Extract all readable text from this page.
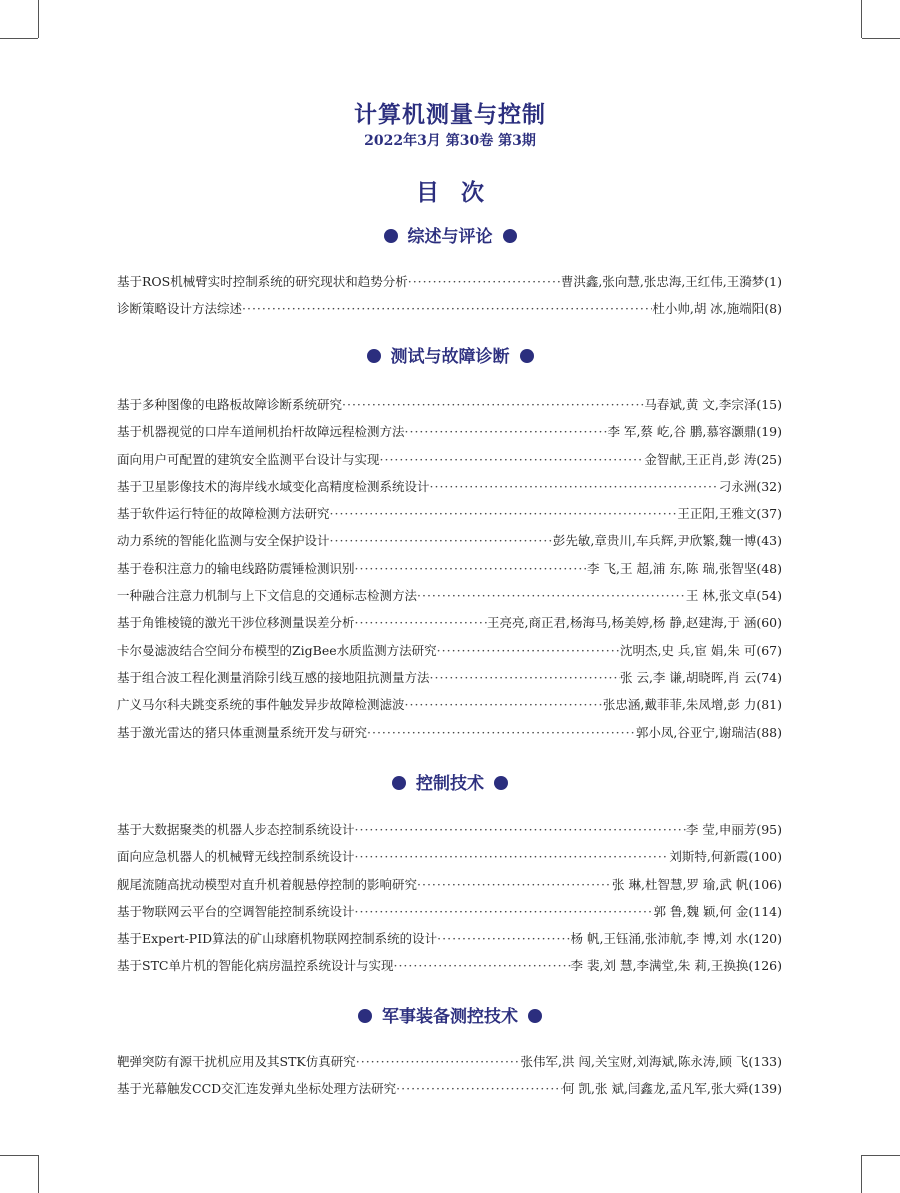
计算机测量与控制
2022年3月 第30卷 第3期
目次
综述与评论
基于ROS机械臂实时控制系统的研究现状和趋势分析 ·····	曹洪鑫,张向慧,张忠海,王红伟,王漪梦 (1)
诊断策略设计方法综述 ·····	杜小帅,胡 冰,施端阳 (8)
测试与故障诊断
基于多种图像的电路板故障诊断系统研究 ·····	马春斌,黄 文,李宗泽 (15)
基于机器视觉的口岸车道闸机抬杆故障远程检测方法 ·····	李 军,蔡 屹,谷 鹏,慕容灏鼎 (19)
面向用户可配置的建筑安全监测平台设计与实现 ·····	金智献,王正肖,彭 涛 (25)
基于卫星影像技术的海岸线水域变化高精度检测系统设计 ·····	刁永洲 (32)
基于软件运行特征的故障检测方法研究 ·····	王正阳,王雅文 (37)
动力系统的智能化监测与安全保护设计 ·····	彭先敏,章贵川,车兵辉,尹欣繁,魏一博 (43)
基于卷积注意力的输电线路防震锤检测识别 ·····	李 飞,王 超,浦 东,陈 瑞,张智坚 (48)
一种融合注意力机制与上下文信息的交通标志检测方法 ·····	王 林,张文卓 (54)
基于角锥棱镜的激光干涉位移测量误差分析 ·····	王亮亮,商正君,杨海马,杨美婷,杨 静,赵建海,于 涵 (60)
卡尔曼滤波结合空间分布模型的ZigBee水质监测方法研究 ·····	沈明杰,史 兵,宦 娟,朱 可 (67)
基于组合波工程化测量消除引线互感的接地阻抗测量方法 ·····	张 云,李 谦,胡晓晖,肖 云 (74)
广义马尔科夫跳变系统的事件触发异步故障检测滤波 ·····	张忠涵,戴菲菲,朱凤增,彭 力 (81)
基于激光雷达的猪只体重测量系统开发与研究 ·····	郭小凤,谷亚宁,谢瑞洁 (88)
控制技术
基于大数据聚类的机器人步态控制系统设计 ·····	李 莹,申丽芳 (95)
面向应急机器人的机械臂无线控制系统设计 ·····	刘斯特,何新霞 (100)
舰尾流随高扰动模型对直升机着舰悬停控制的影响研究 ·····	张 琳,杜智慧,罗 瑜,武 帆 (106)
基于物联网云平台的空调智能控制系统设计 ·····	郭 鲁,魏 颖,何 金 (114)
基于Expert-PID算法的矿山球磨机物联网控制系统的设计 ·····	杨 帆,王钰涌,张沛航,李 博,刘 水 (120)
基于STC单片机的智能化病房温控系统设计与实现 ·····	李 裴,刘 慧,李满堂,朱 莉,王换换 (126)
军事装备测控技术
靶弹突防有源干扰机应用及其STK仿真研究 ·····	张伟军,洪 闯,关宝财,刘海斌,陈永涛,顾 飞 (133)
基于光幕触发CCD交汇连发弹丸坐标处理方法研究 ·····	何 凯,张 斌,闫鑫龙,孟凡军,张大舜 (139)
